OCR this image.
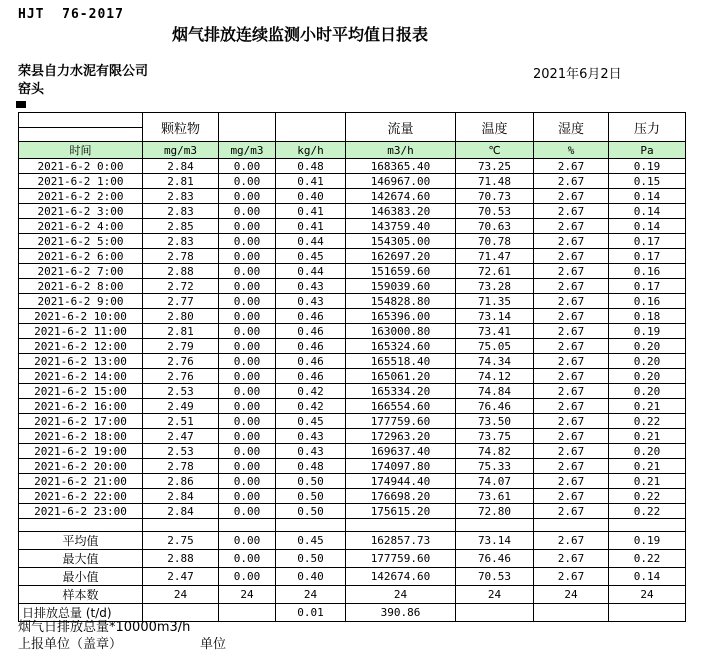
HJT  76-2017
烟气排放连续监测小时平均值日报表
荣县自力水泥有限公司	2021年6月2日
窑头
	颗粒物			流量	温度	湿度	压力
时间	mg/m3	mg/m3	kg/h	m3/h	℃	%	Pa
2021-6-2 0:00	2.84	0.00	0.48	168365.40	73.25	2.67	0.19
2021-6-2 1:00	2.81	0.00	0.41	146967.00	71.48	2.67	0.15
2021-6-2 2:00	2.83	0.00	0.40	142674.60	70.73	2.67	0.14
2021-6-2 3:00	2.83	0.00	0.41	146383.20	70.53	2.67	0.14
2021-6-2 4:00	2.85	0.00	0.41	143759.40	70.63	2.67	0.14
2021-6-2 5:00	2.83	0.00	0.44	154305.00	70.78	2.67	0.17
2021-6-2 6:00	2.78	0.00	0.45	162697.20	71.47	2.67	0.17
2021-6-2 7:00	2.88	0.00	0.44	151659.60	72.61	2.67	0.16
2021-6-2 8:00	2.72	0.00	0.43	159039.60	73.28	2.67	0.17
2021-6-2 9:00	2.77	0.00	0.43	154828.80	71.35	2.67	0.16
2021-6-2 10:00	2.80	0.00	0.46	165396.00	73.14	2.67	0.18
2021-6-2 11:00	2.81	0.00	0.46	163000.80	73.41	2.67	0.19
2021-6-2 12:00	2.79	0.00	0.46	165324.60	75.05	2.67	0.20
2021-6-2 13:00	2.76	0.00	0.46	165518.40	74.34	2.67	0.20
2021-6-2 14:00	2.76	0.00	0.46	165061.20	74.12	2.67	0.20
2021-6-2 15:00	2.53	0.00	0.42	165334.20	74.84	2.67	0.20
2021-6-2 16:00	2.49	0.00	0.42	166554.60	76.46	2.67	0.21
2021-6-2 17:00	2.51	0.00	0.45	177759.60	73.50	2.67	0.22
2021-6-2 18:00	2.47	0.00	0.43	172963.20	73.75	2.67	0.21
2021-6-2 19:00	2.53	0.00	0.43	169637.40	74.82	2.67	0.20
2021-6-2 20:00	2.78	0.00	0.48	174097.80	75.33	2.67	0.21
2021-6-2 21:00	2.86	0.00	0.50	174944.40	74.07	2.67	0.21
2021-6-2 22:00	2.84	0.00	0.50	176698.20	73.61	2.67	0.22
2021-6-2 23:00	2.84	0.00	0.50	175615.20	72.80	2.67	0.22

平均值	2.75	0.00	0.45	162857.73	73.14	2.67	0.19
最大值	2.88	0.00	0.50	177759.60	76.46	2.67	0.22
最小值	2.47	0.00	0.40	142674.60	70.53	2.67	0.14
样本数	24	24	24	24	24	24	24
日排放总量 (t/d)			0.01	390.86			
烟气日排放总量*10000m3/h
上报单位（盖章）	单位
